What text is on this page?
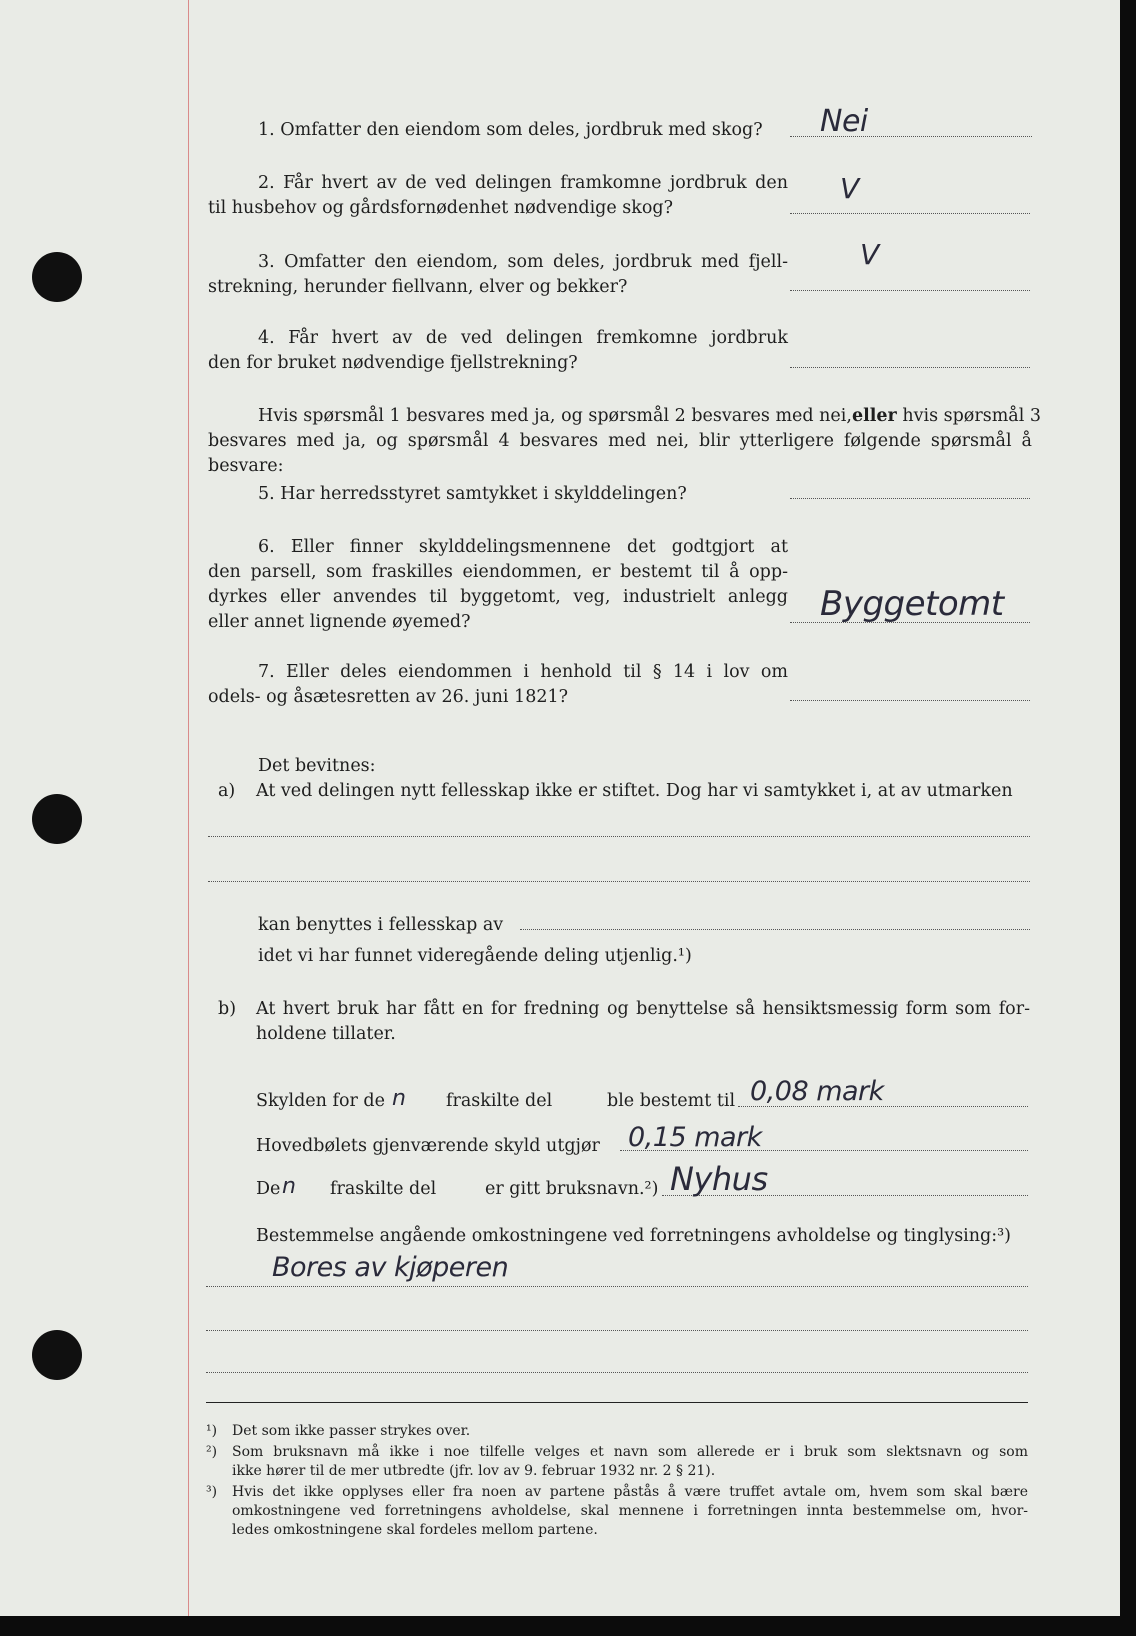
1. Omfatter den eiendom som deles, jordbruk med skog? Nei
2. Får hvert av de ved delingen framkomne jordbruk den
til husbehov og gårdsfornødenhet nødvendige skog?
V
3. Omfatter den eiendom, som deles, jordbruk med fjell-
strekning, herunder fiellvann, elver og bekker?
V
4. Får hvert av de ved delingen fremkomne jordbruk
den for bruket nødvendige fjellstrekning?
Hvis spørsmål 1 besvares med ja, og spørsmål 2 besvares med nei, eller hvis spørsmål 3
besvares med ja, og spørsmål 4 besvares med nei, blir ytterligere følgende spørsmål å besvare:
5. Har herredsstyret samtykket i skylddelingen?
6. Eller finner skylddelingsmennene det godtgjort at
den parsell, som fraskilles eiendommen, er bestemt til å opp-
dyrkes eller anvendes til byggetomt, veg, industrielt anlegg
eller annet lignende øyemed?	Byggetomt
7. Eller deles eiendommen i henhold til § 14 i lov om
odels- og åsætesretten av 26. juni 1821?
Det bevitnes:
a) At ved delingen nytt fellesskap ikke er stiftet. Dog har vi samtykket i, at av utmarken
kan benyttes i fellesskap av
idet vi har funnet videregående deling utjenlig.¹)
b) At hvert bruk har fått en for fredning og benyttelse så hensiktsmessig form som for-
holdene tillater.
Skylden for de n fraskilte del	ble bestemt til 0,08 mark
Hovedbølets gjenværende skyld utgjør 0,15 mark
De n fraskilte del	er gitt bruksnavn.²) Nyhus
Bestemmelse angående omkostningene ved forretningens avholdelse og tinglysing:³)
Bores av kjøperen
¹) Det som ikke passer strykes over.
²) Som bruksnavn må ikke i noe tilfelle velges et navn som allerede er i bruk som slektsnavn og som
ikke hører til de mer utbredte (jfr. lov av 9. februar 1932 nr. 2 § 21).
³) Hvis det ikke opplyses eller fra noen av partene påstås å være truffet avtale om, hvem som skal bære
omkostningene ved forretningens avholdelse, skal mennene i forretningen innta bestemmelse om, hvor-
ledes omkostningene skal fordeles mellom partene.
